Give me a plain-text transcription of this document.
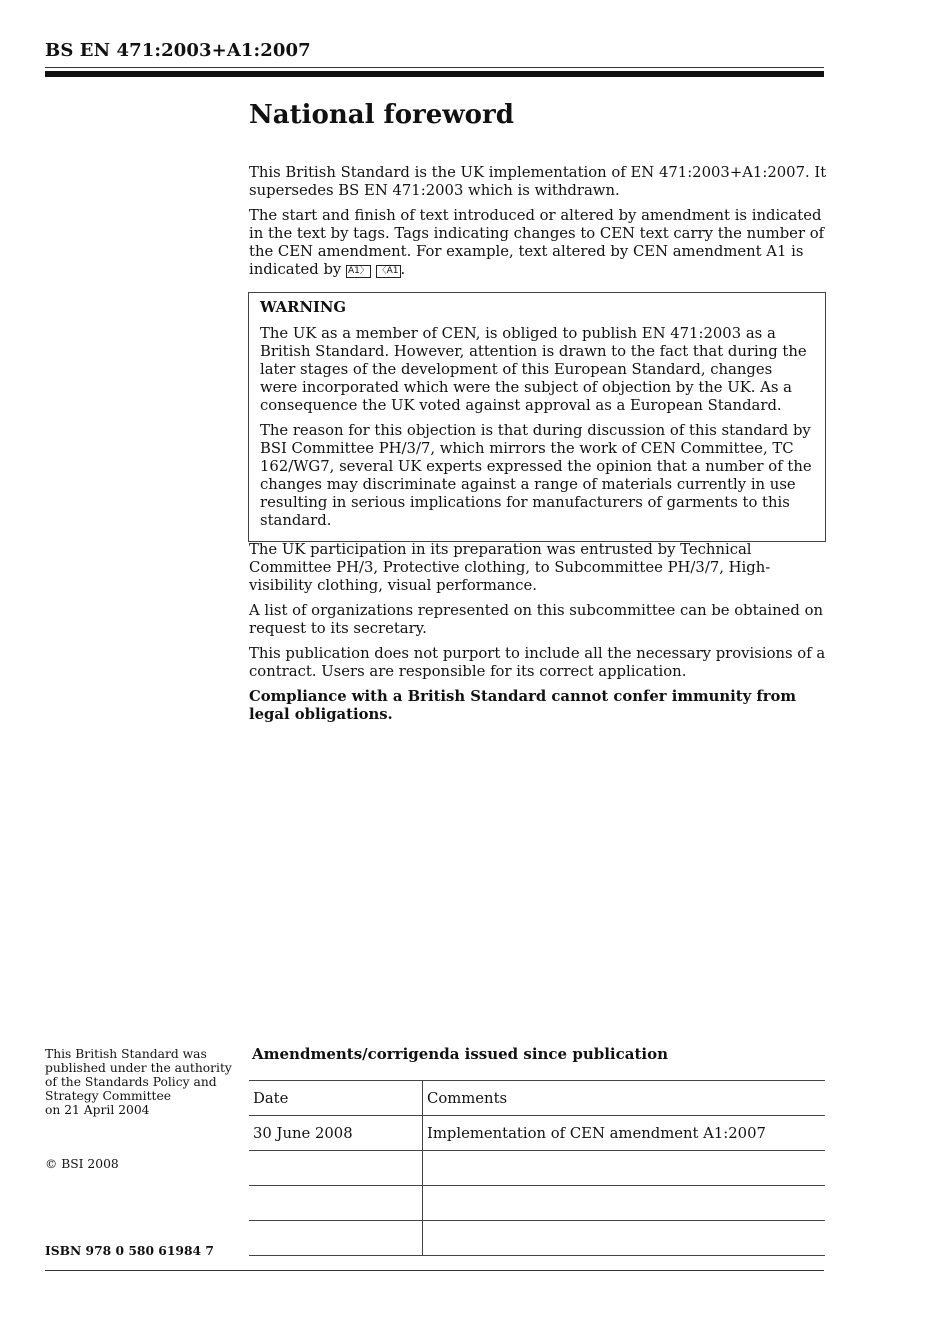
BS EN 471:2003+A1:2007
National foreword

This British Standard is the UK implementation of EN 471:2003+A1:2007. It supersedes BS EN 471:2003 which is withdrawn.

The start and finish of text introduced or altered by amendment is indicated in the text by tags. Tags indicating changes to CEN text carry the number of the CEN amendment. For example, text altered by CEN amendment A1 is indicated by A1〉 〈A1 .

WARNING

The UK as a member of CEN, is obliged to publish EN 471:2003 as a British Standard. However, attention is drawn to the fact that during the later stages of the development of this European Standard, changes were incorporated which were the subject of objection by the UK. As a consequence the UK voted against approval as a European Standard.

The reason for this objection is that during discussion of this standard by BSI Committee PH/3/7, which mirrors the work of CEN Committee, TC 162/WG7, several UK experts expressed the opinion that a number of the changes may discriminate against a range of materials currently in use resulting in serious implications for manufacturers of garments to this standard.

The UK participation in its preparation was entrusted by Technical Committee PH/3, Protective clothing, to Subcommittee PH/3/7, High-visibility clothing, visual performance.

A list of organizations represented on this subcommittee can be obtained on request to its secretary.

This publication does not purport to include all the necessary provisions of a contract. Users are responsible for its correct application.

Compliance with a British Standard cannot confer immunity from legal obligations.

This British Standard was
published under the authority
of the Standards Policy and
Strategy Committee
on 21 April 2004
© BSI 2008
ISBN 978 0 580 61984 7
Amendments/corrigenda issued since publication
Date	Comments
30 June 2008	Implementation of CEN amendment A1:2007
